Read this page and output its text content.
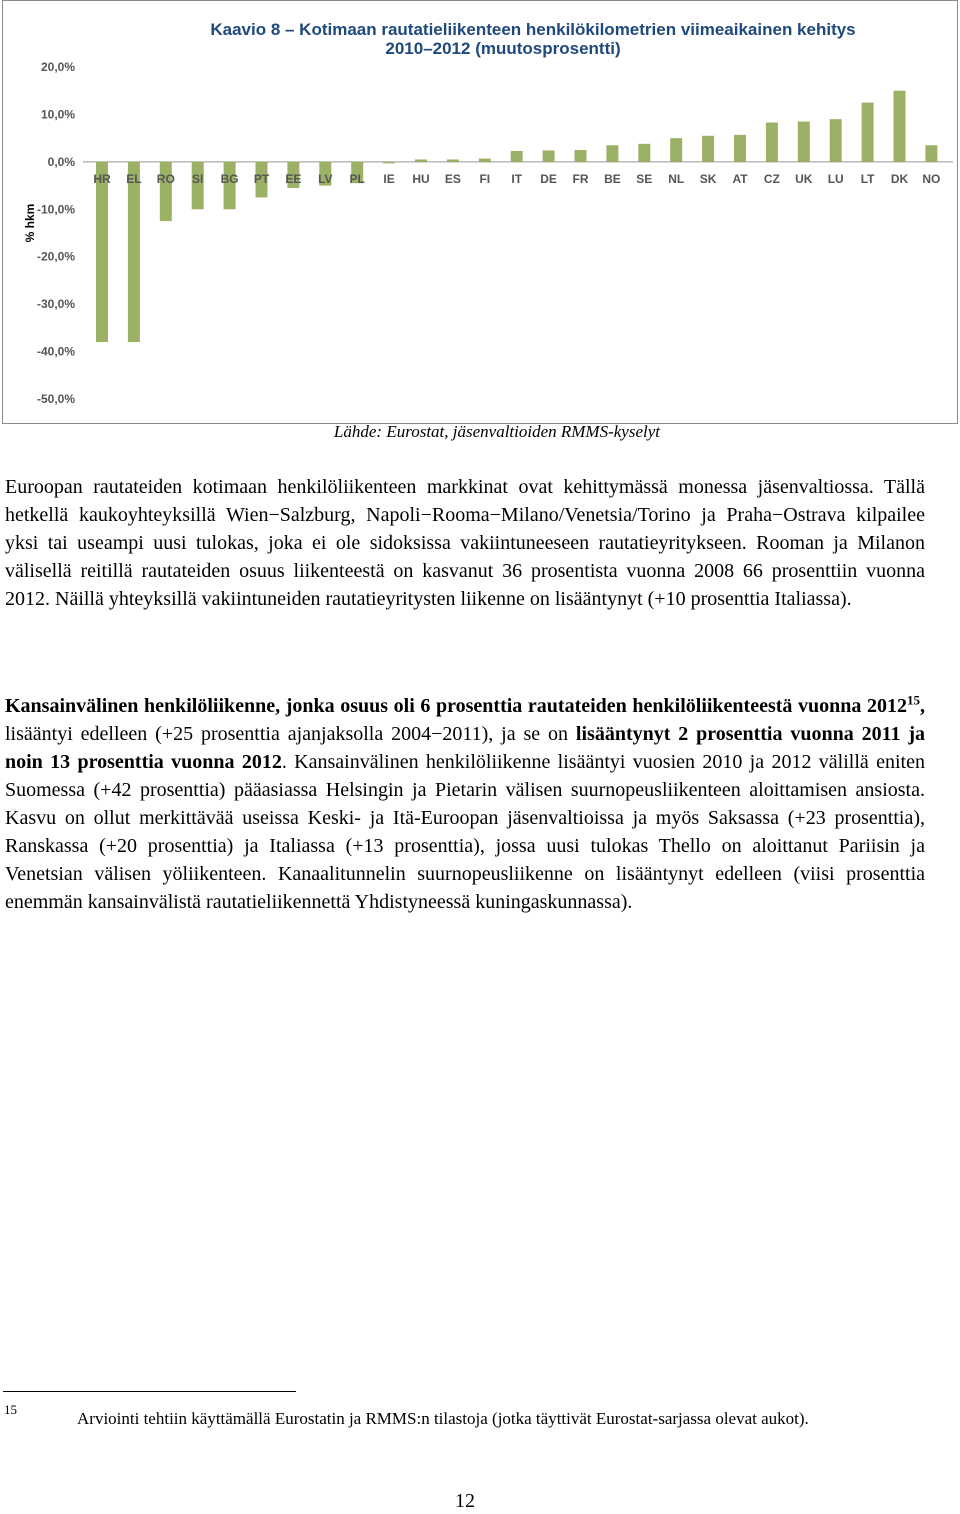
Kaavio 8 – Kotimaan rautatieliikenteen henkilökilometrien viimeaikainen kehitys
2010–2012 (muutosprosentti)
% hkm
20,0%
10,0%
0,0%
-10,0%
-20,0%
-30,0%
-40,0%
-50,0%
HR EL RO SI BG PT EE LV PL IE HU ES FI IT DE FR BE SE NL SK AT CZ UK LU LT DK NO
Lähde: Eurostat, jäsenvaltioiden RMMS-kyselyt

Euroopan rautateiden kotimaan henkilöliikenteen markkinat ovat kehittymässä monessa jäsenvaltiossa. Tällä hetkellä kaukoyhteyksillä Wien−Salzburg, Napoli−Rooma−Milano/Venetsia/Torino ja Praha−Ostrava kilpailee yksi tai useampi uusi tulokas, joka ei ole sidoksissa vakiintuneeseen rautatieyritykseen. Rooman ja Milanon välisellä reitillä rautateiden osuus liikenteestä on kasvanut 36 prosentista vuonna 2008 66 prosenttiin vuonna 2012. Näillä yhteyksillä vakiintuneiden rautatieyritysten liikenne on lisääntynyt (+10 prosenttia Italiassa).

Kansainvälinen henkilöliikenne, jonka osuus oli 6 prosenttia rautateiden henkilöliikenteestä vuonna 2012$^{15}$, lisääntyi edelleen (+25 prosenttia ajanjaksolla 2004−2011), ja se on lisääntynyt 2 prosenttia vuonna 2011 ja noin 13 prosenttia vuonna 2012. Kansainvälinen henkilöliikenne lisääntyi vuosien 2010 ja 2012 välillä eniten Suomessa (+42 prosenttia) pääasiassa Helsingin ja Pietarin välisen suurnopeusliikenteen aloittamisen ansiosta. Kasvu on ollut merkittävää useissa Keski- ja Itä-Euroopan jäsenvaltioissa ja myös Saksassa (+23 prosenttia), Ranskassa (+20 prosenttia) ja Italiassa (+13 prosenttia), jossa uusi tulokas Thello on aloittanut Pariisin ja Venetsian välisen yöliikenteen. Kanaalitunnelin suurnopeusliikenne on lisääntynyt edelleen (viisi prosenttia enemmän kansainvälistä rautatieliikennettä Yhdistyneessä kuningaskunnassa).

15	Arviointi tehtiin käyttämällä Eurostatin ja RMMS:n tilastoja (jotka täyttivät Eurostat-sarjassa olevat aukot).

12
